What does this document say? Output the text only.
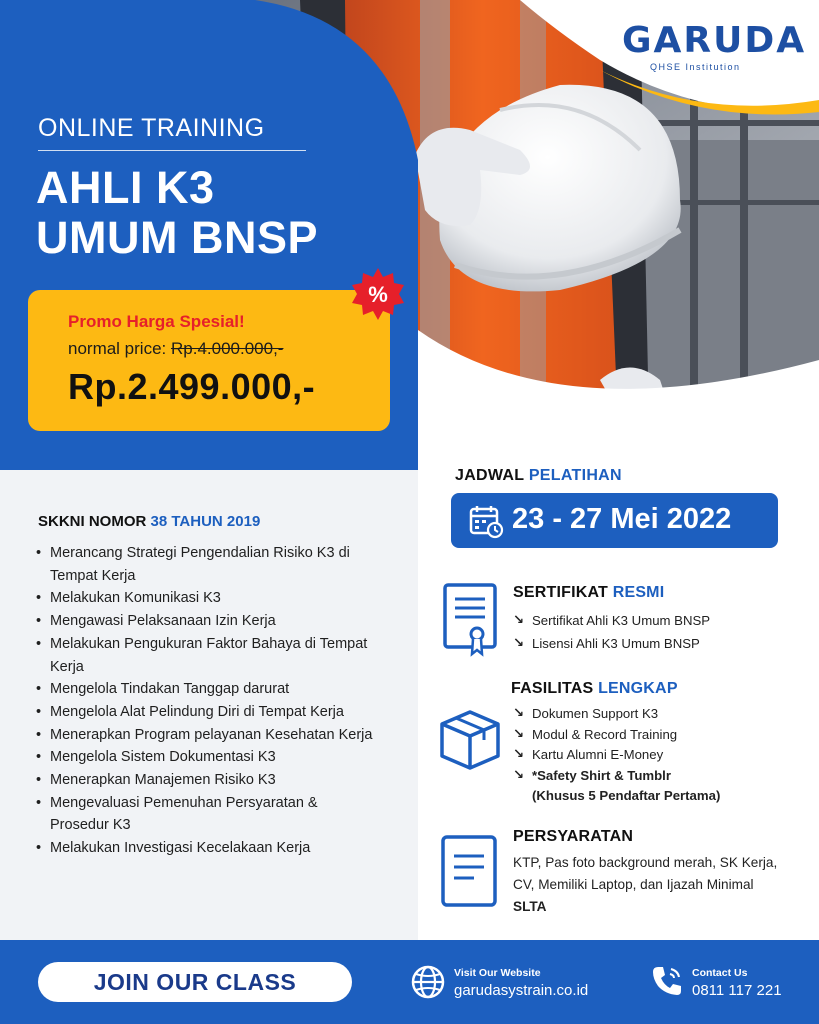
GARUDA
QHSE Institution
ONLINE TRAINING
AHLI K3
UMUM BNSP
%
Promo Harga Spesial!
normal price: Rp.4.000.000,-
Rp.2.499.000,-
SKKNI NOMOR 38 TAHUN 2019
• Merancang Strategi Pengendalian Risiko K3 di Tempat Kerja
• Melakukan Komunikasi K3
• Mengawasi Pelaksanaan Izin Kerja
• Melakukan Pengukuran Faktor Bahaya di Tempat Kerja
• Mengelola Tindakan Tanggap darurat
• Mengelola Alat Pelindung Diri di Tempat Kerja
• Menerapkan Program pelayanan Kesehatan Kerja
• Mengelola Sistem Dokumentasi K3
• Menerapkan Manajemen Risiko K3
• Mengevaluasi Pemenuhan Persyaratan & Prosedur K3
• Melakukan Investigasi Kecelakaan Kerja
JADWAL PELATIHAN
23 - 27 Mei 2022
SERTIFIKAT RESMI
↘ Sertifikat Ahli K3 Umum BNSP
↘ Lisensi Ahli K3 Umum BNSP
FASILITAS LENGKAP
↘ Dokumen Support K3
↘ Modul & Record Training
↘ Kartu Alumni E-Money
↘ *Safety Shirt & Tumblr
(Khusus 5 Pendaftar Pertama)
PERSYARATAN
KTP, Pas foto background merah, SK Kerja, CV, Memiliki Laptop, dan Ijazah Minimal SLTA
JOIN OUR CLASS	Visit Our Website
garudasystrain.co.id
Contact Us
0811 117 221
